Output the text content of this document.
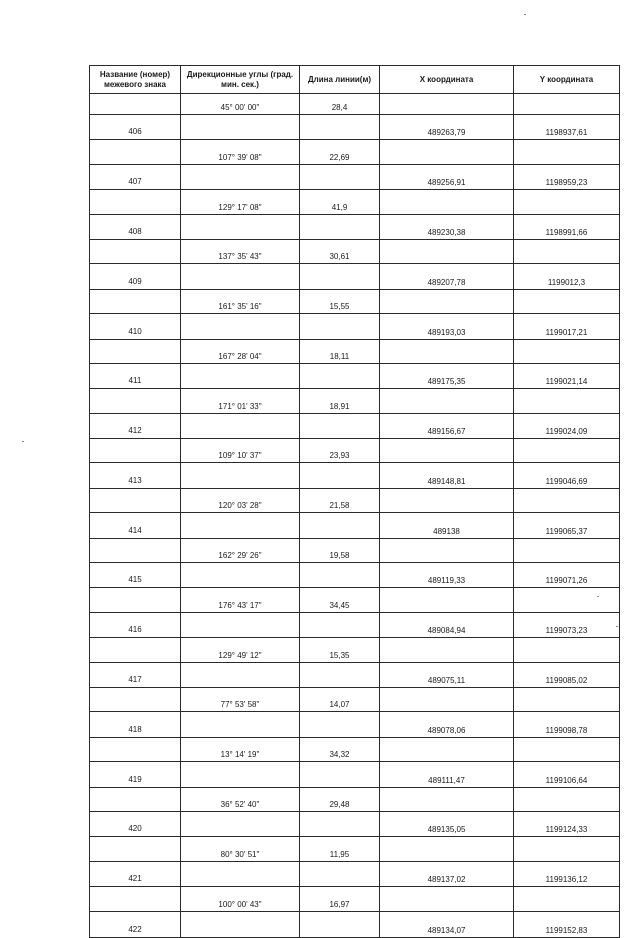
Название (номер) межевого знака	Дирекционные углы (град. мин. сек.)	Длина линии(м)	X координата	Y координата
	45° 00' 00"	28,4		
406			489263,79	1198937,61
	107° 39' 08"	22,69		
407			489256,91	1198959,23
	129° 17' 08"	41,9		
408			489230,38	1198991,66
	137° 35' 43"	30,61		
409			489207,78	1199012,3
	161° 35' 16"	15,55		
410			489193,03	1199017,21
	167° 28' 04"	18,11		
411			489175,35	1199021,14
	171° 01' 33"	18,91		
412			489156,67	1199024,09
	109° 10' 37"	23,93		
413			489148,81	1199046,69
	120° 03' 28"	21,58		
414			489138	1199065,37
	162° 29' 26"	19,58		
415			489119,33	1199071,26
	176° 43' 17"	34,45		
416			489084,94	1199073,23
	129° 49' 12"	15,35		
417			489075,11	1199085,02
	77° 53' 58"	14,07		
418			489078,06	1199098,78
	13° 14' 19"	34,32		
419			489111,47	1199106,64
	36° 52' 40"	29,48		
420			489135,05	1199124,33
	80° 30' 51"	11,95		
421			489137,02	1199136,12
	100° 00' 43"	16,97		
422			489134,07	1199152,83
